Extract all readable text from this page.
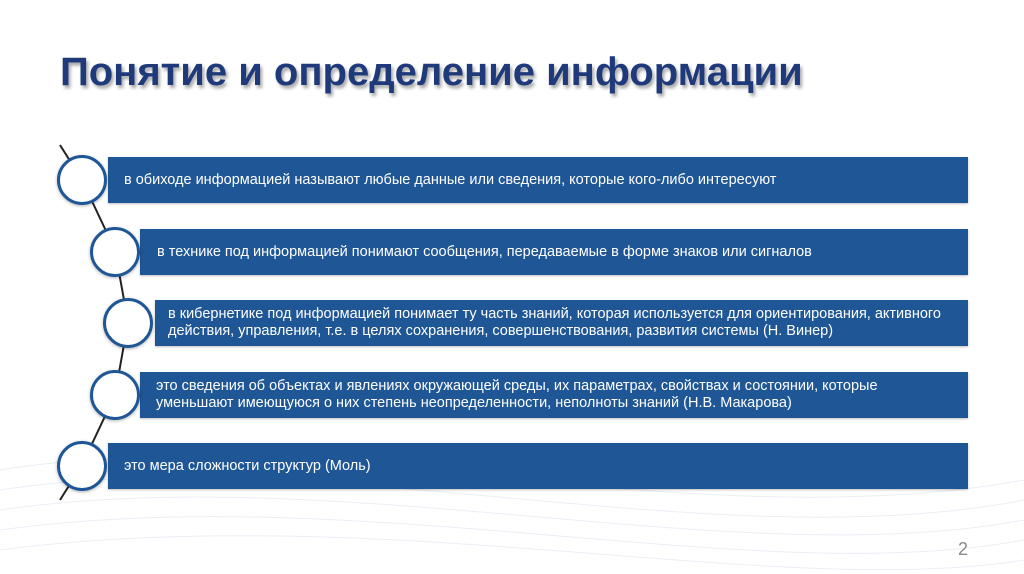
Понятие и определение информации
в обиходе информацией называют любые данные или сведения, которые кого-либо интересуют
в технике под информацией понимают сообщения, передаваемые в форме знаков или сигналов
в кибернетике под информацией понимает ту часть знаний, которая используется для ориентирования, активного действия, управления, т.е. в целях сохранения, совершенствования, развития системы (Н. Винер)
это сведения об объектах и явлениях окружающей среды, их параметрах, свойствах и состоянии, которые уменьшают имеющуюся о них степень неопределенности, неполноты знаний (Н.В. Макарова)
это мера сложности структур (Моль)
2
